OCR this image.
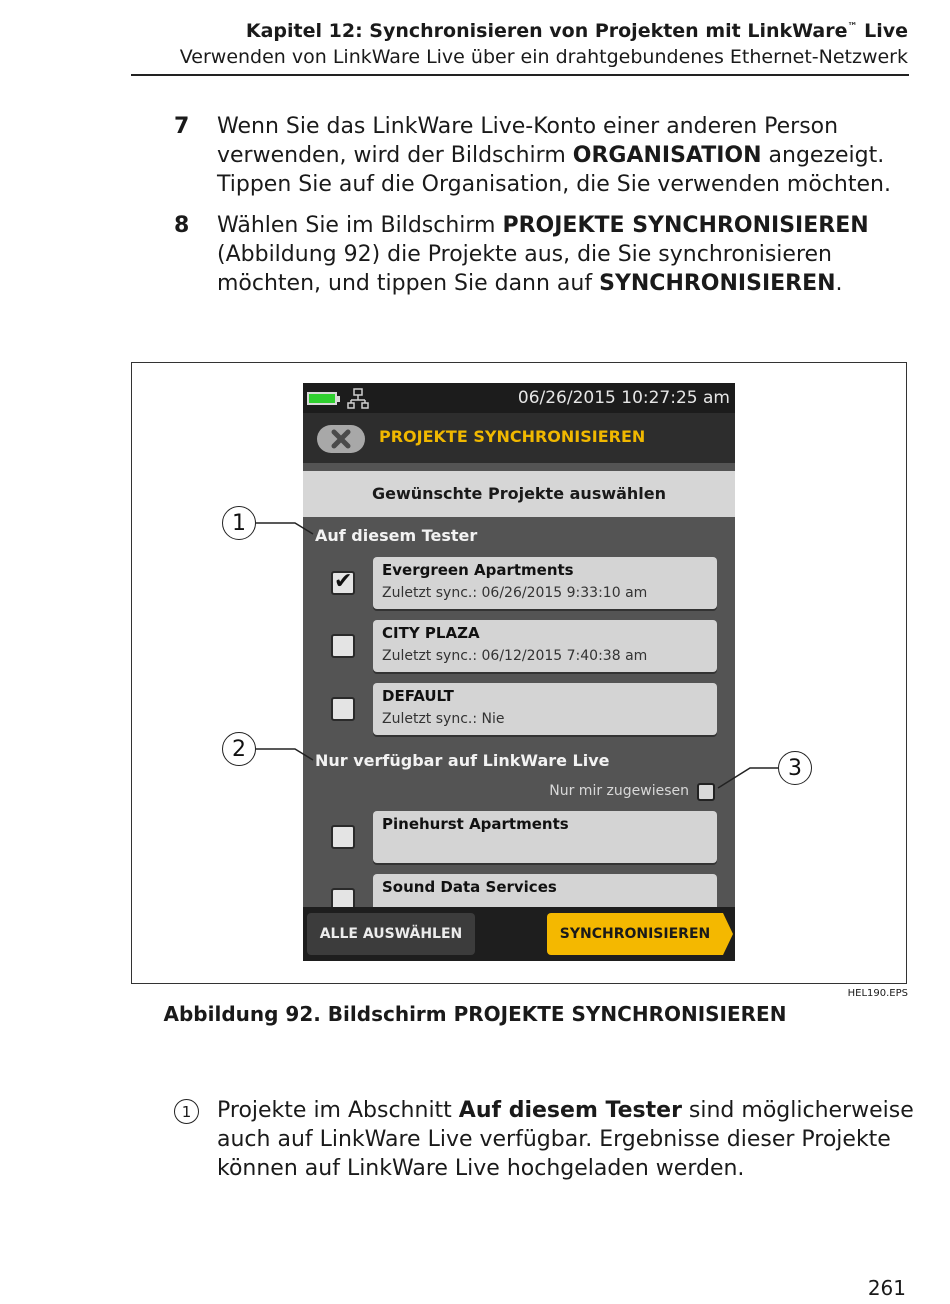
Kapitel 12: Synchronisieren von Projekten mit LinkWare™ Live
Verwenden von LinkWare Live über ein drahtgebundenes Ethernet-Netzwerk
7 Wenn Sie das LinkWare Live-Konto einer anderen Person verwenden, wird der Bildschirm ORGANISATION angezeigt. Tippen Sie auf die Organisation, die Sie verwenden möchten.
8 Wählen Sie im Bildschirm PROJEKTE SYNCHRONISIEREN (Abbildung 92) die Projekte aus, die Sie synchronisieren möchten, und tippen Sie dann auf SYNCHRONISIEREN.
06/26/2015 10:27:25 am
PROJEKTE SYNCHRONISIEREN
Gewünschte Projekte auswählen
Auf diesem Tester
✔ Evergreen Apartments
Zuletzt sync.: 06/26/2015 9:33:10 am
CITY PLAZA
Zuletzt sync.: 06/12/2015 7:40:38 am
DEFAULT
Zuletzt sync.: Nie
Nur verfügbar auf LinkWare Live
Nur mir zugewiesen
Pinehurst Apartments
Sound Data Services
ALLE AUSWÄHLEN	SYNCHRONISIEREN
1
2
3
HEL190.EPS
Abbildung 92. Bildschirm PROJEKTE SYNCHRONISIEREN
1	Projekte im Abschnitt Auf diesem Tester sind möglicherweise auch auf LinkWare Live verfügbar. Ergebnisse dieser Projekte können auf LinkWare Live hochgeladen werden.
261
